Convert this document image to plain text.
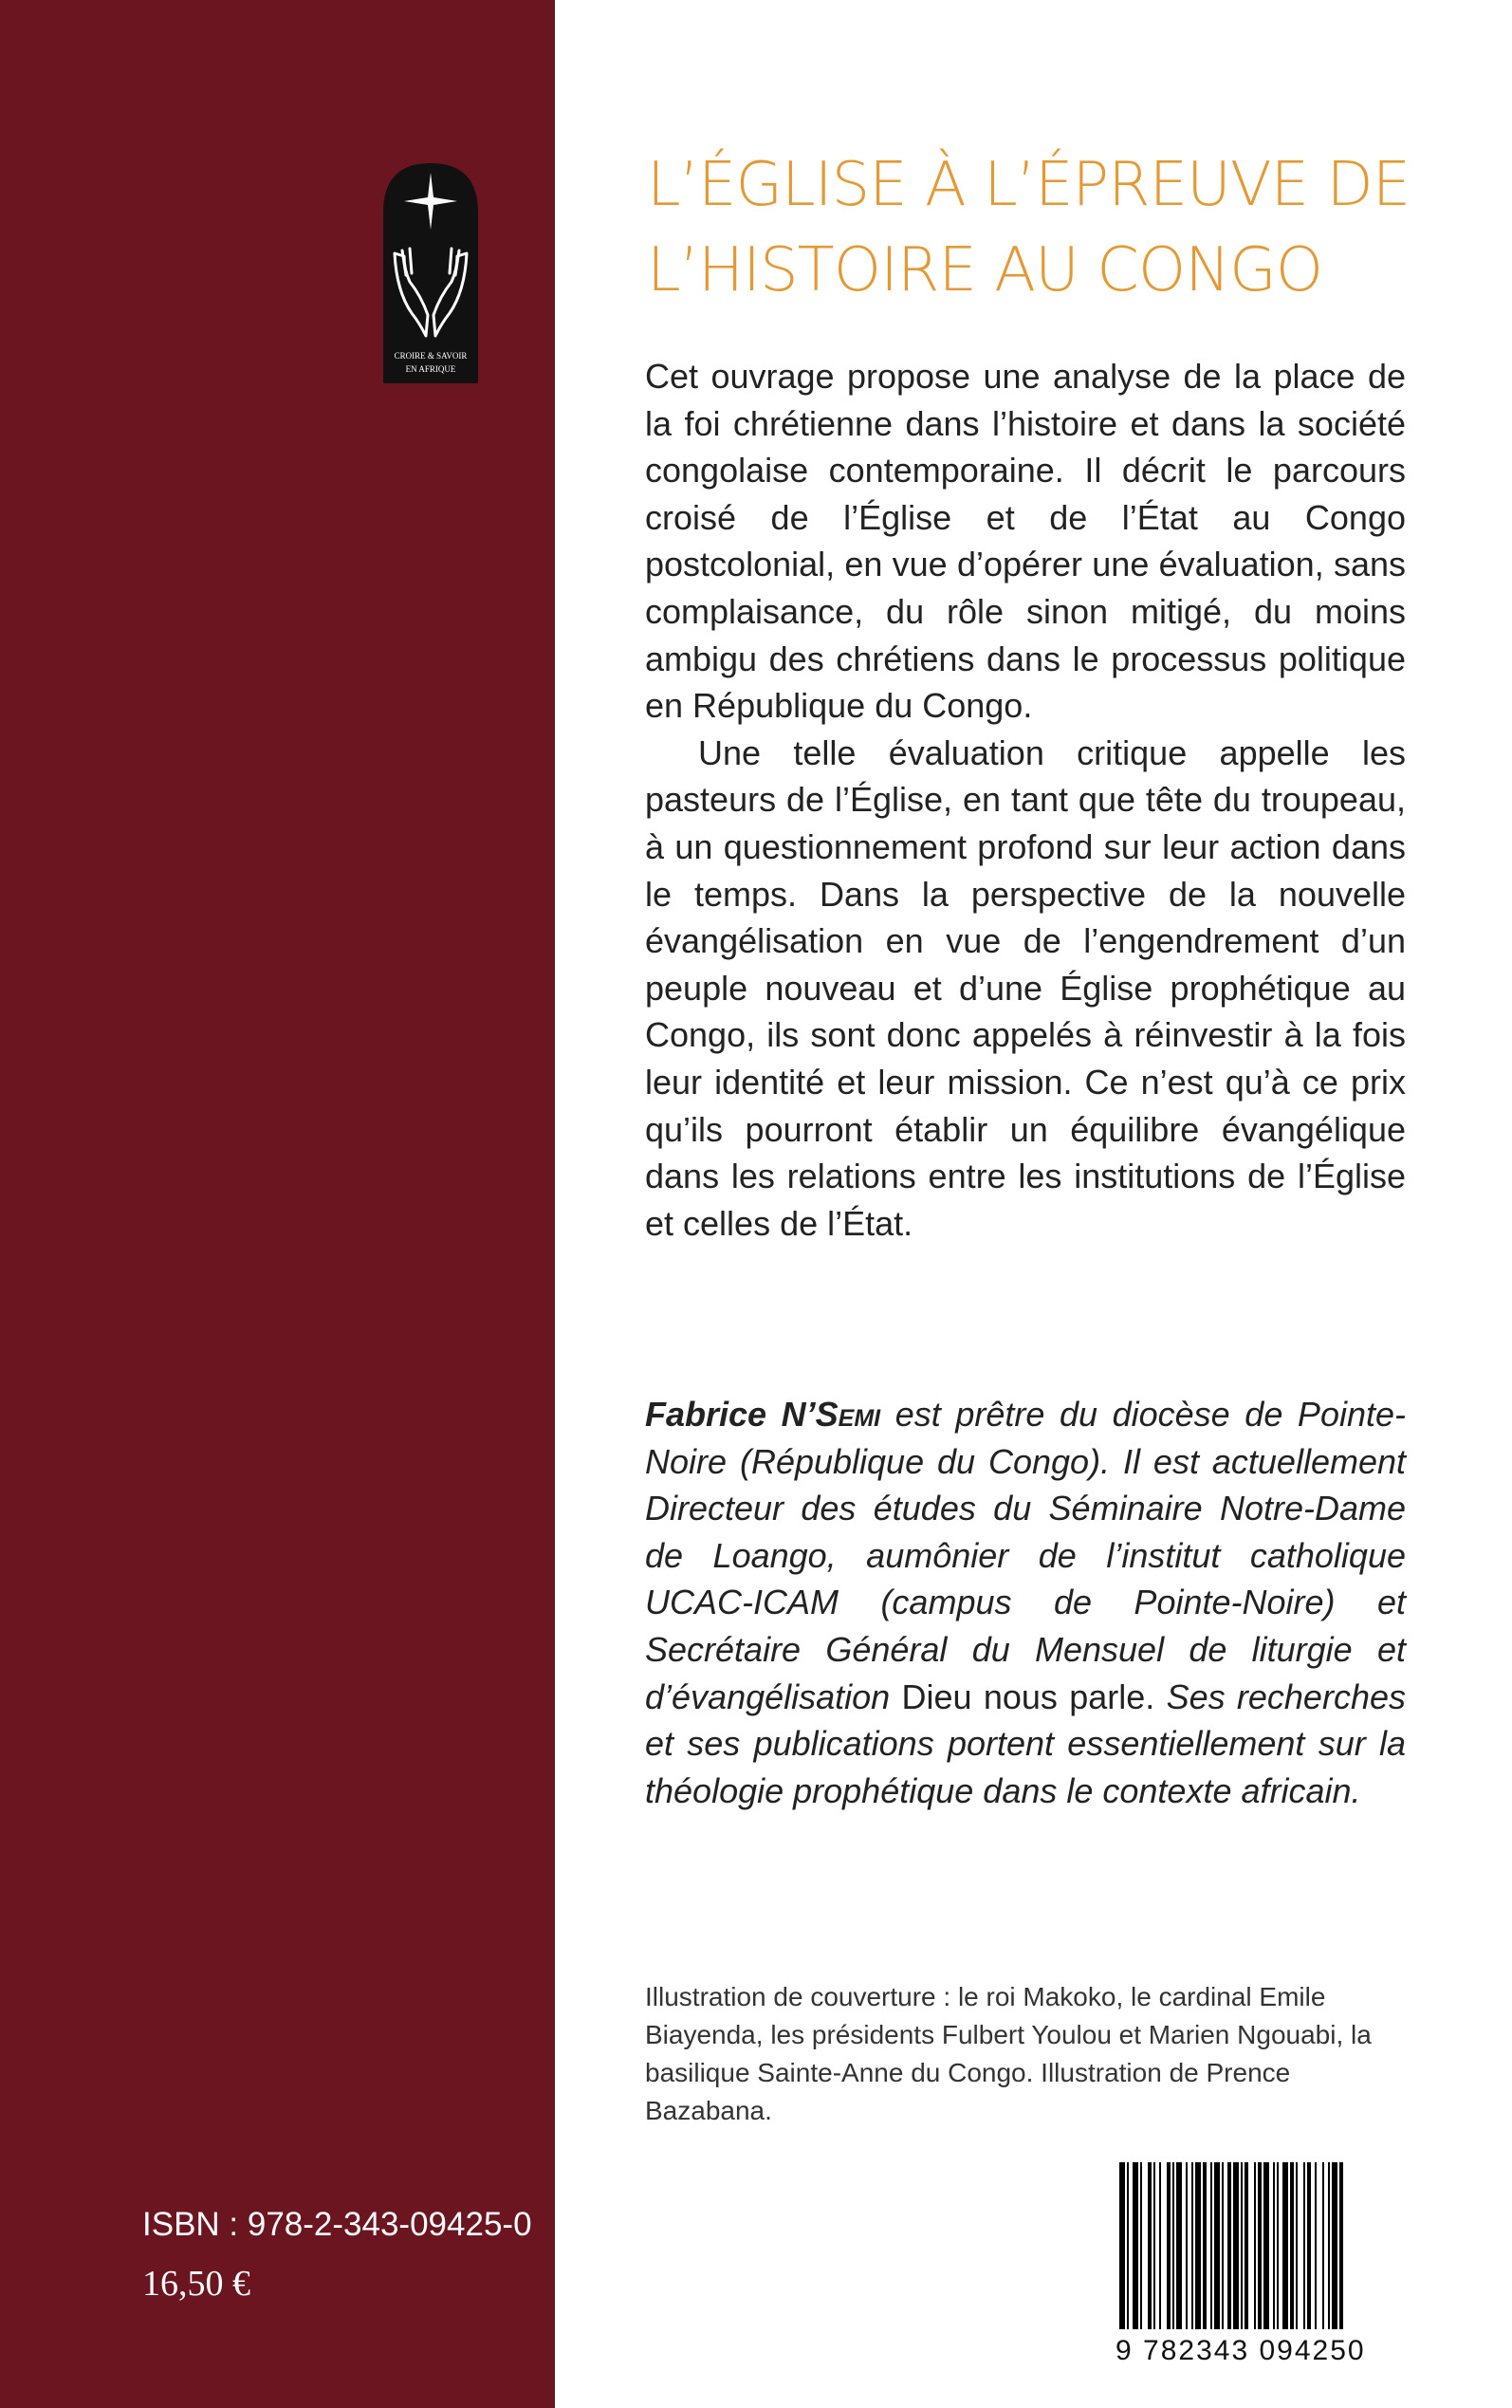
CROIRE & SAVOIR
EN AFRIQUE
ISBN : 978-2-343-09425-0
16,50 €
L’ÉGLISE À L’ÉPREUVE DE
L’HISTOIRE AU CONGO

Cet ouvrage propose une analyse de la place de la foi chrétienne dans l’histoire et dans la société congolaise contemporaine. Il décrit le parcours croisé de l’Église et de l’État au Congo postcolonial, en vue d’opérer une évaluation, sans complaisance, du rôle sinon mitigé, du moins ambigu des chrétiens dans le processus politique en République du Congo.

Une telle évaluation critique appelle les pasteurs de l’Église, en tant que tête du troupeau, à un questionnement profond sur leur action dans le temps. Dans la perspective de la nouvelle évangélisation en vue de l’engendrement d’un peuple nouveau et d’une Église prophétique au Congo, ils sont donc appelés à réinvestir à la fois leur identité et leur mission. Ce n’est qu’à ce prix qu’ils pourront établir un équilibre évangélique dans les relations entre les institutions de l’Église et celles de l’État.

Fabrice N’Semi est prêtre du diocèse de Pointe-Noire (République du Congo). Il est actuellement Directeur des études du Séminaire Notre-Dame de Loango, aumônier de l’institut catholique UCAC-ICAM (campus de Pointe-Noire) et Secrétaire Général du Mensuel de liturgie et d’évangélisation Dieu nous parle. Ses recherches et ses publications portent essentiellement sur la théologie prophétique dans le contexte africain.

Illustration de couverture : le roi Makoko, le cardinal Emile Biayenda, les présidents Fulbert Youlou et Marien Ngouabi, la basilique Sainte-Anne du Congo. Illustration de Prence Bazabana.
9 782343 094250
